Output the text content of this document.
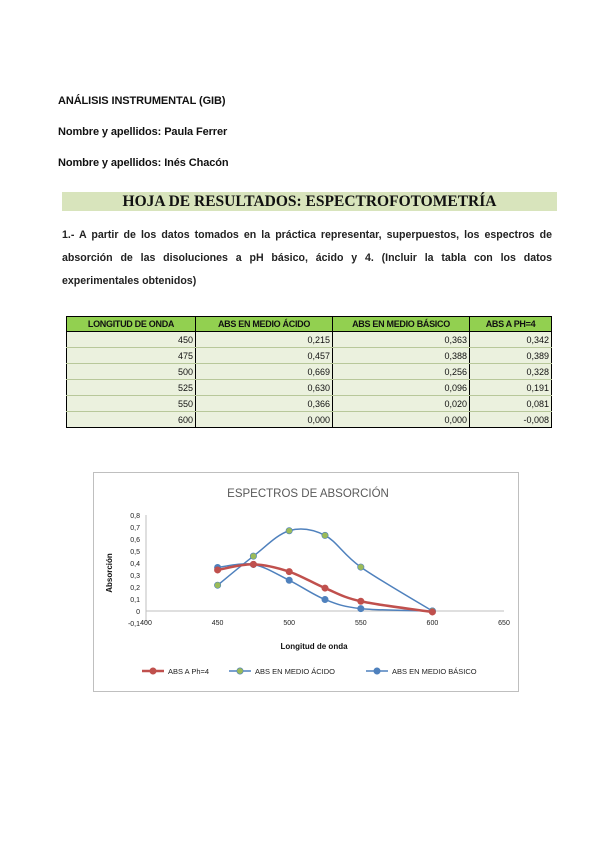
ANÁLISIS INSTRUMENTAL (GIB)
Nombre y apellidos: Paula Ferrer
Nombre y apellidos: Inés Chacón
HOJA DE RESULTADOS: ESPECTROFOTOMETRÍA
1.- A partir de los datos tomados en la práctica representar, superpuestos, los espectros de absorción de las disoluciones a pH básico, ácido y 4. (Incluir la tabla con los datos experimentales obtenidos)
LONGITUD DE ONDA	ABS EN MEDIO ÁCIDO	ABS EN MEDIO BÁSICO	ABS A PH=4
450	0,215	0,363	0,342
475	0,457	0,388	0,389
500	0,669	0,256	0,328
525	0,630	0,096	0,191
550	0,366	0,020	0,081
600	0,000	0,000	-0,008
ESPECTROS DE ABSORCIÓN
Longitud de onda
Absorción
-0,1
0
0,1
0,2
0,3
0,4
0,5
0,6
0,7
0,8
400	450	500	550	600	650
ABS A Ph=4	ABS EN MEDIO ÁCIDO	ABS EN MEDIO BÁSICO
